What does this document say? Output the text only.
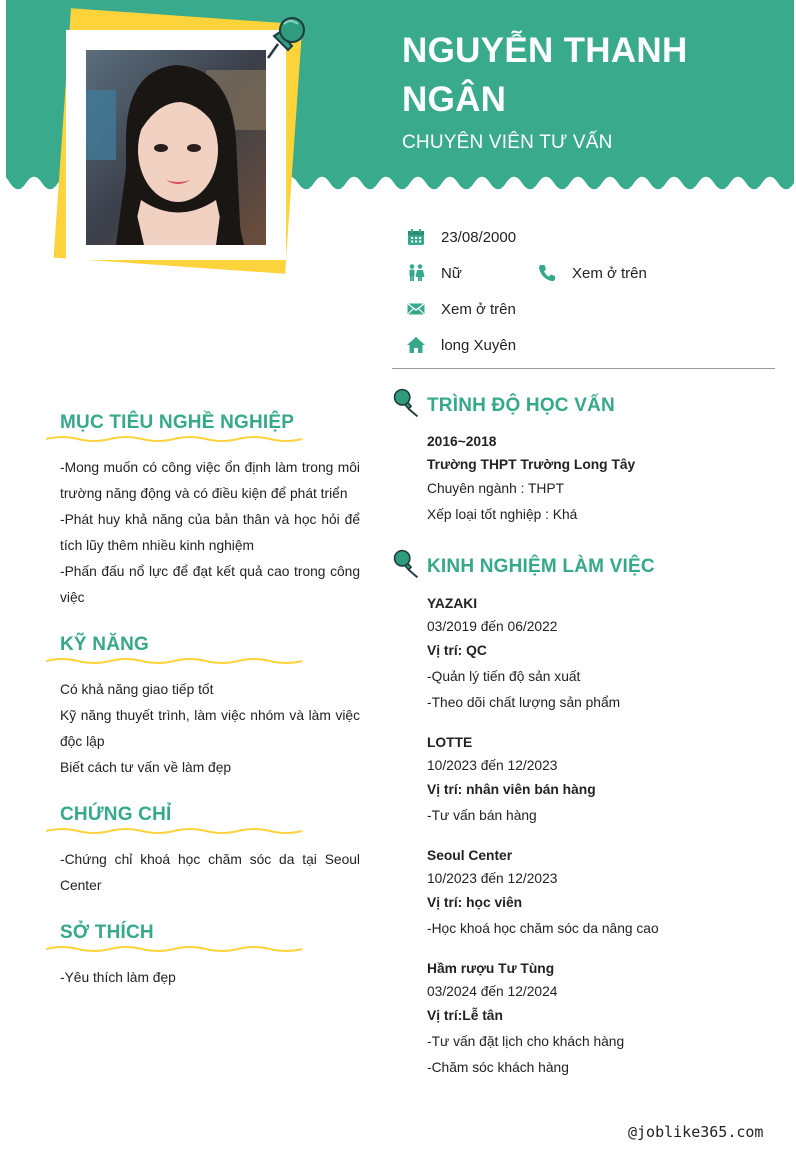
NGUYỄN THANH NGÂN
CHUYÊN VIÊN TƯ VẤN
23/08/2000
Nữ	Xem ở trên
Xem ở trên
long Xuyên
MỤC TIÊU NGHỀ NGHIỆP
-Mong muốn có công việc ổn định làm trong môi trường năng động và có điều kiện để phát triển
-Phát huy khả năng của bản thân và học hỏi để tích lũy thêm nhiều kinh nghiệm
-Phấn đấu nổ lực để đạt kết quả cao trong công việc
KỸ NĂNG
Có khả năng giao tiếp tốt
Kỹ năng thuyết trình, làm việc nhóm và làm việc độc lập
Biết cách tư vấn về làm đẹp
CHỨNG CHỈ
-Chứng chỉ khoá học chăm sóc da tại Seoul Center
SỞ THÍCH
-Yêu thích làm đẹp
TRÌNH ĐỘ HỌC VẤN
2016~2018
Trường THPT Trường Long Tây
Chuyên ngành : THPT
Xếp loại tốt nghiệp : Khá
KINH NGHIỆM LÀM VIỆC
YAZAKI
03/2019 đến 06/2022
Vị trí: QC
-Quản lý tiến độ sản xuất
-Theo dõi chất lượng sản phẩm
LOTTE
10/2023 đến 12/2023
Vị trí: nhân viên bán hàng
-Tư vấn bán hàng
Seoul Center
10/2023 đến 12/2023
Vị trí: học viên
-Học khoá học chăm sóc da nâng cao
Hầm rượu Tư Tùng
03/2024 đến 12/2024
Vị trí:Lễ tân
-Tư vấn đặt lịch cho khách hàng
-Chăm sóc khách hàng
@joblike365.com
